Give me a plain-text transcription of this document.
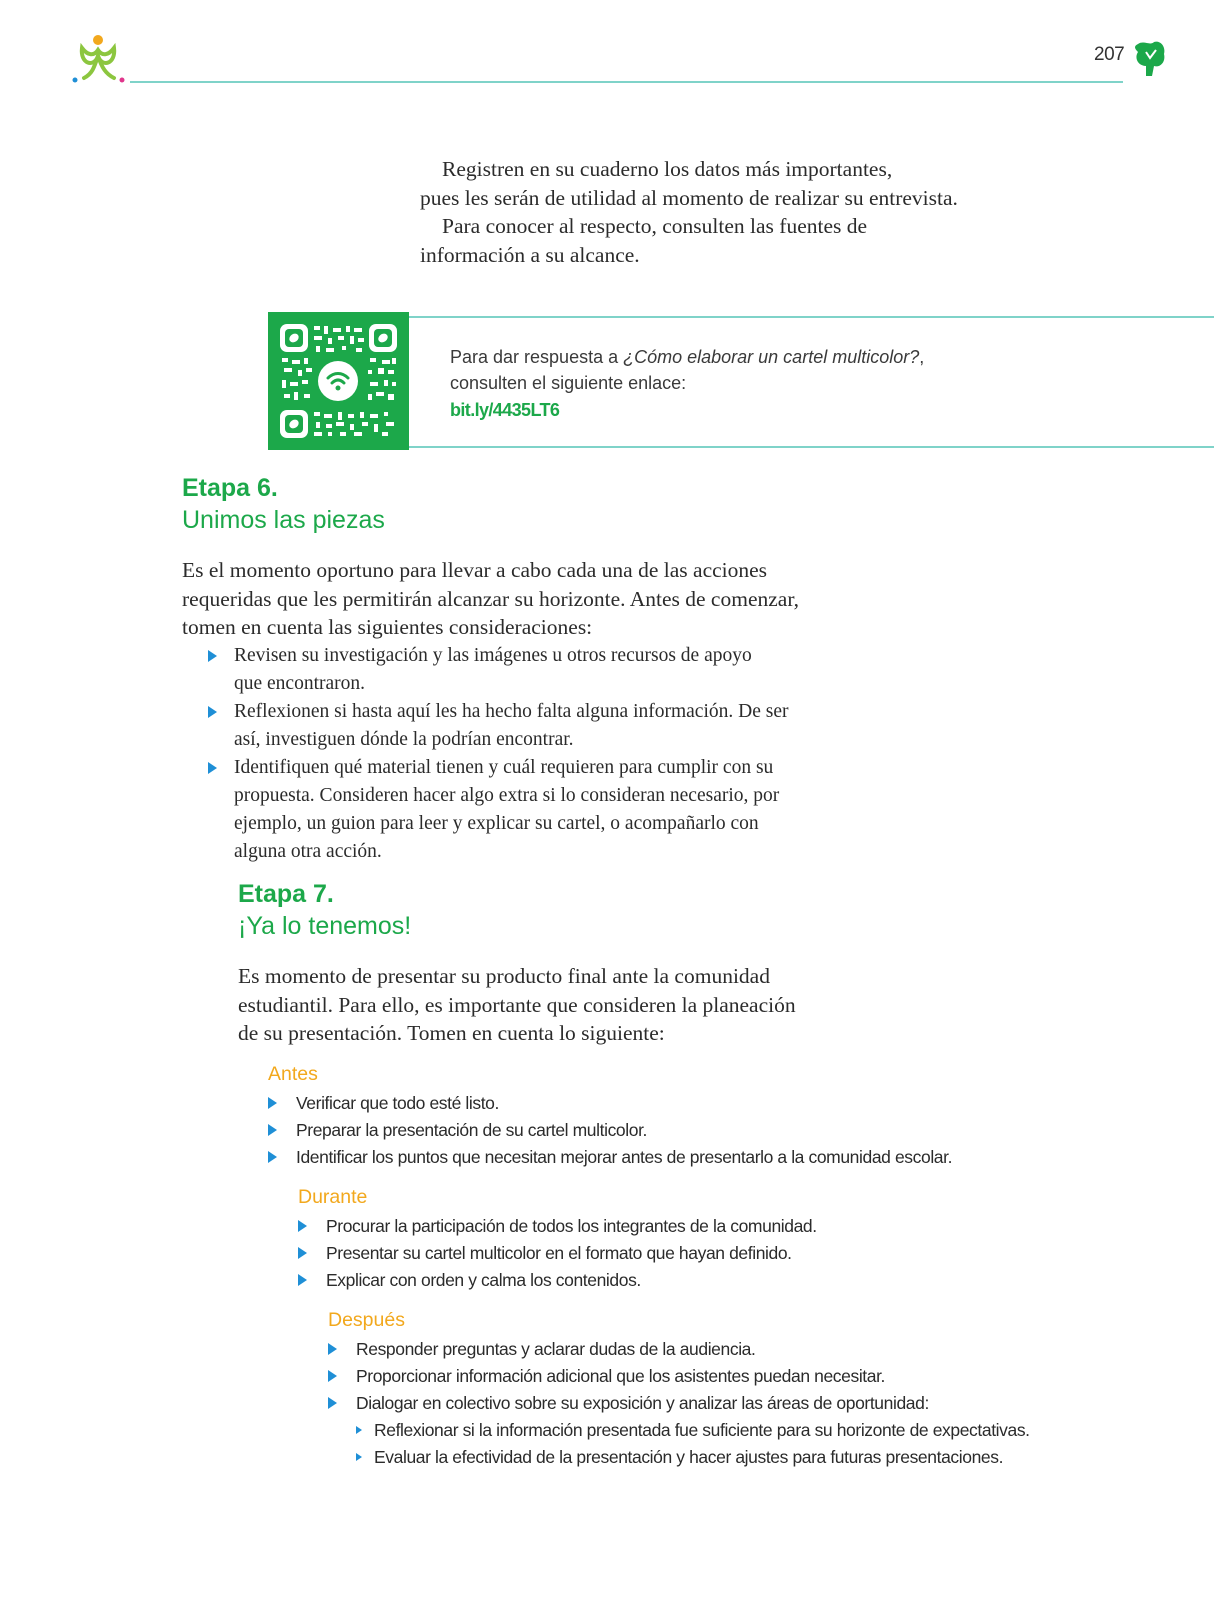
207

Registren en su cuaderno los datos más importantes,

pues les serán de utilidad al momento de realizar su entrevista.

Para conocer al respecto, consulten las fuentes de

información a su alcance.

Para dar respuesta a ¿Cómo elaborar un cartel multicolor?,
consulten el siguiente enlace:
bit.ly/4435LT6
Etapa 6.
Unimos las piezas
Es el momento oportuno para llevar a cabo cada una de las acciones
requeridas que les permitirán alcanzar su horizonte. Antes de comenzar,
tomen en cuenta las siguientes consideraciones:
Revisen su investigación y las imágenes u otros recursos de apoyo
que encontraron.
Reflexionen si hasta aquí les ha hecho falta alguna información. De ser
así, investiguen dónde la podrían encontrar.
Identifiquen qué material tienen y cuál requieren para cumplir con su
propuesta. Consideren hacer algo extra si lo consideran necesario, por
ejemplo, un guion para leer y explicar su cartel, o acompañarlo con
alguna otra acción.
Etapa 7.
¡Ya lo tenemos!
Es momento de presentar su producto final ante la comunidad
estudiantil. Para ello, es importante que consideren la planeación
de su presentación. Tomen en cuenta lo siguiente:
Antes
Verificar que todo esté listo.
Preparar la presentación de su cartel multicolor.
Identificar los puntos que necesitan mejorar antes de presentarlo a la comunidad escolar.
Durante
Procurar la participación de todos los integrantes de la comunidad.
Presentar su cartel multicolor en el formato que hayan definido.
Explicar con orden y calma los contenidos.
Después
Responder preguntas y aclarar dudas de la audiencia.
Proporcionar información adicional que los asistentes puedan necesitar.
Dialogar en colectivo sobre su exposición y analizar las áreas de oportunidad:
Reflexionar si la información presentada fue suficiente para su horizonte de expectativas.
Evaluar la efectividad de la presentación y hacer ajustes para futuras presentaciones.
